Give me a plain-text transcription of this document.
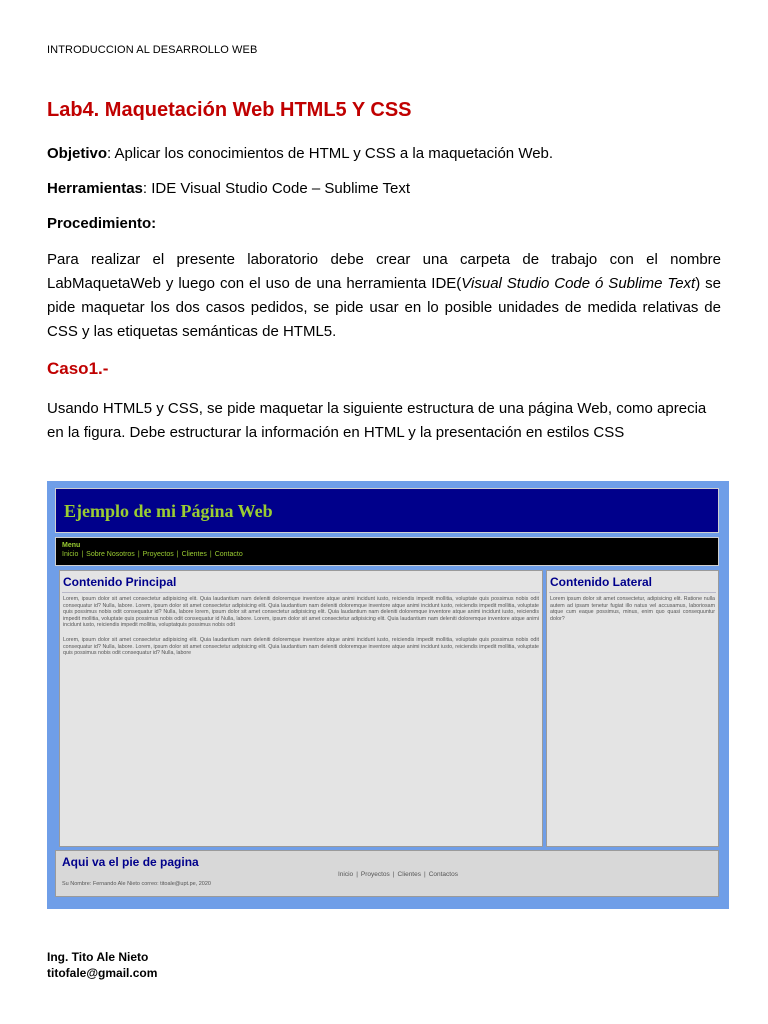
INTRODUCCION AL DESARROLLO WEB
Lab4. Maquetación Web HTML5 Y CSS

Objetivo: Aplicar los conocimientos de HTML y CSS a la maquetación Web.

Herramientas: IDE Visual Studio Code – Sublime Text

Procedimiento:

Para realizar el presente laboratorio debe crear una carpeta de trabajo con el nombre LabMaquetaWeb y luego con el uso de una herramienta IDE(Visual Studio Code ó Sublime Text) se pide maquetar los dos casos pedidos, se pide usar en lo posible unidades de medida relativas de CSS y las etiquetas semánticas de HTML5.

Caso1.-

Usando HTML5 y CSS, se pide maquetar la siguiente estructura de una página Web, como aprecia en la figura. Debe estructurar la información en HTML y la presentación en estilos CSS

Ejemplo de mi Página Web
Menu
Inicio | Sobre Nosotros | Proyectos | Clientes | Contacto
Contenido Principal

Lorem, ipsum dolor sit amet consectetur adipisicing elit. Quia laudantium nam deleniti doloremque inventore atque animi incidunt iusto, reiciendis impedit mollitia, voluptate quis possimus nobis odit consequatur id? Nulla, labore. Lorem, ipsum dolor sit amet consectetur adipisicing elit. Quia laudantium nam deleniti doloremque inventore atque animi incidunt iusto, reiciendis impedit mollitia, voluptate quis possimus nobis odit consequatur id? Nulla, labore lorem, ipsum dolor sit amet consectetur adipisicing elit. Quia laudantium nam deleniti doloremque inventore atque animi incidunt iusto, reiciendis impedit mollitia, voluptate quis possimus nobis odit consequatur id Nulla, labore. Lorem, ipsum dolor sit amet consectetur adipisicing elit. Quia laudantium nam deleniti doloremque inventore atque animi incidunt iusto, reiciendis impedit mollitia, voluptatquis possimus nobis odit

Lorem, ipsum dolor sit amet consectetur adipisicing elit. Quia laudantium nam deleniti doloremque inventore atque animi incidunt iusto, reiciendis impedit mollitia, voluptate quis possimus nobis odit consequatur id? Nulla, labore. Lorem, ipsum dolor sit amet consectetur adipisicing elit. Quia laudantium nam deleniti doloremque inventore atque animi incidunt iusto, reiciendis impedit mollitia, voluptate quis possimus nobis odit consequatur id? Nulla, labore

Contenido Lateral

Lorem ipsum dolor sit amet consectetur, adipisicing elit. Ratione nulla autem ad ipsam tenetur fugiat illo natus vel accusamus, laboriosam atque cum eaque possimus, minus, enim quo quasi consequuntur dolor?

Aqui va el pie de pagina
Inicio | Proyectos | Clientes | Contactos
Su Nombre: Fernando Ale Nieto correo: titoale@upt.pe, 2020
Ing. Tito Ale Nieto
titofale@gmail.com
